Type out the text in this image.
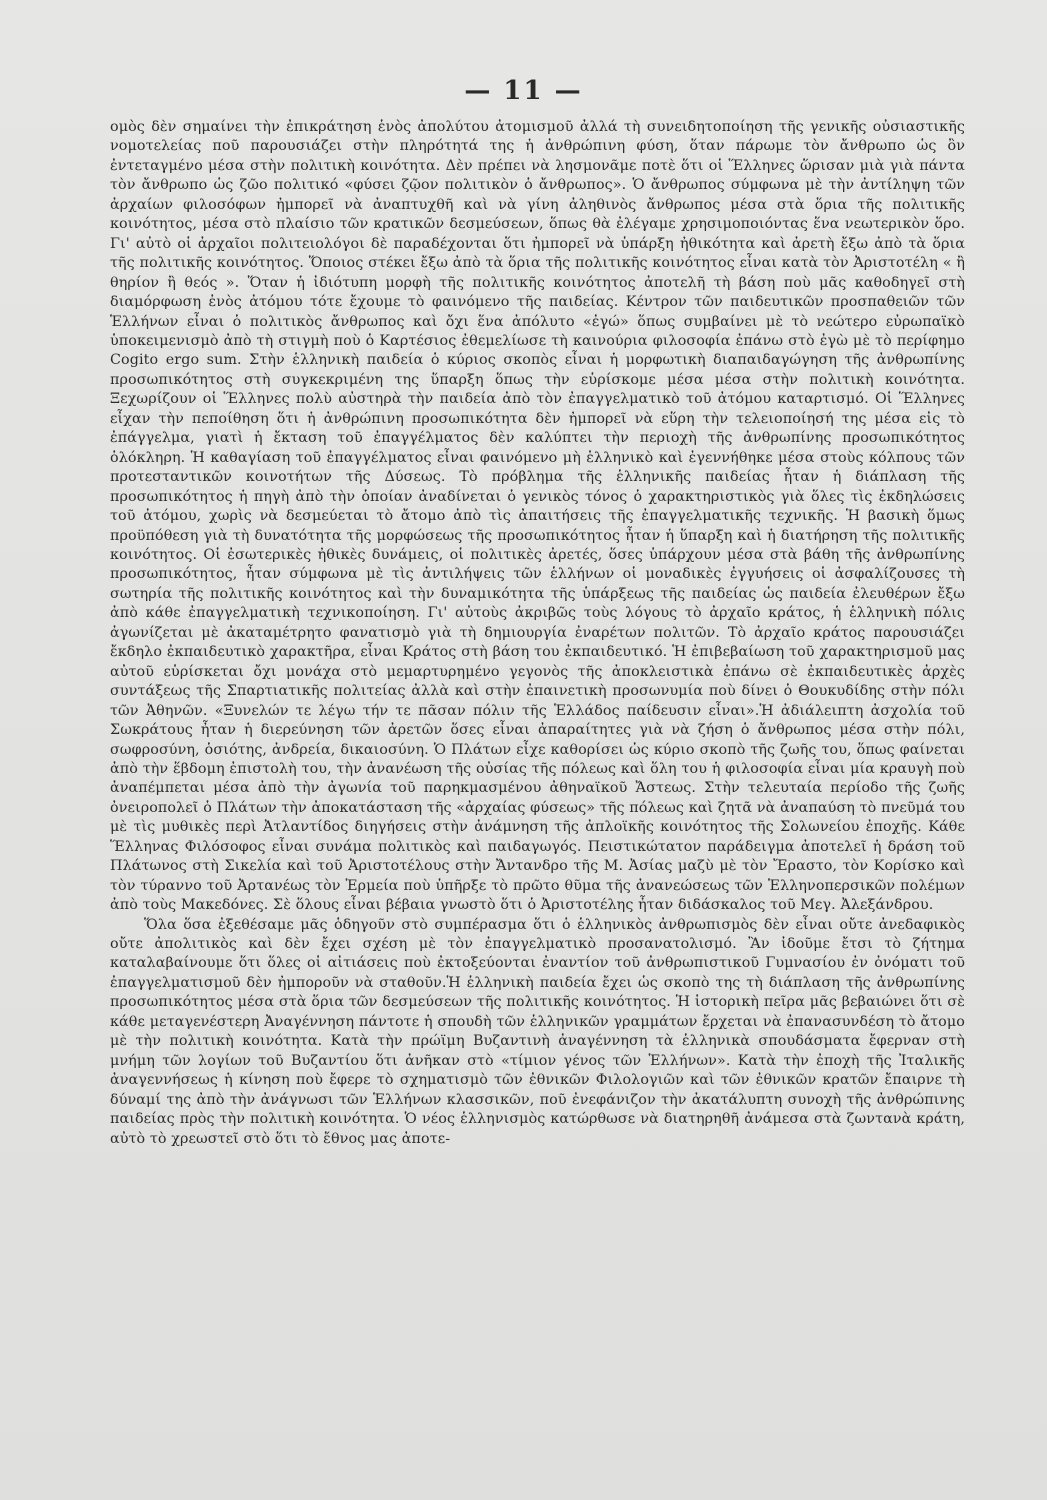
— 11 —

ομὸς δὲν σημαίνει τὴν ἐπικράτηση ἑνὸς ἀπολύτου ἀτομισμοῦ ἀλλά τὴ συνειδητοποίηση τῆς γενικῆς οὐσιαστικῆς νομοτελείας ποῦ παρουσιάζει στὴν πληρότητά της ἡ ἀνθρώπινη φύση, ὅταν πάρωμε τὸν ἄνθρωπο ὡς ὂν ἐντεταγμένο μέσα στὴν πολιτικὴ κοινότητα. Δὲν πρέπει νὰ λησμονᾶμε ποτὲ ὅτι οἱ Ἕλληνες ὥρισαν μιὰ γιὰ πάντα τὸν ἄνθρωπο ὡς ζῶο πολιτικό «φύσει ζῷον πολιτικὸν ὁ ἄνθρωπος». Ὁ ἄνθρωπος σύμφωνα μὲ τὴν ἀντίληψη τῶν ἀρχαίων φιλοσόφων ἠμπορεῖ νὰ ἀναπτυχθῆ καὶ νὰ γίνη ἀληθινὸς ἄνθρωπος μέσα στὰ ὅρια τῆς πολιτικῆς κοινότητος, μέσα στὸ πλαίσιο τῶν κρατικῶν δεσμεύσεων, ὅπως θὰ ἐλέγαμε χρησιμοποιόντας ἕνα νεωτερικὸν ὅρο. Γι' αὐτὸ οἱ ἀρχαῖοι πολιτειολόγοι δὲ παραδέχονται ὅτι ἠμπορεῖ νὰ ὑπάρξη ἠθικότητα καὶ ἀρετὴ ἔξω ἀπὸ τὰ ὅρια τῆς πολιτικῆς κοινότητος. Ὅποιος στέκει ἔξω ἀπὸ τὰ ὅρια τῆς πολιτικῆς κοινότητος εἶναι κατὰ τὸν Ἀριστοτέλη « ἢ θηρίον ἢ θεός ». Ὅταν ἡ ἰδιότυπη μορφὴ τῆς πολιτικῆς κοινότητος ἀποτελῆ τὴ βάση ποὺ μᾶς καθοδηγεῖ στὴ διαμόρφωση ἑνὸς ἀτόμου τότε ἔχουμε τὸ φαινόμενο τῆς παιδείας. Κέντρον τῶν παιδευτικῶν προσπαθειῶν τῶν Ἑλλήνων εἶναι ὁ πολιτικὸς ἄνθρωπος καὶ ὄχι ἕνα ἀπόλυτο «ἐγώ» ὅπως συμβαίνει μὲ τὸ νεώτερο εὐρωπαϊκὸ ὑποκειμενισμὸ ἀπὸ τὴ στιγμὴ ποὺ ὁ Καρτέσιος ἐθεμελίωσε τὴ καινούρια φιλοσοφία ἐπάνω στὸ ἐγὼ μὲ τὸ περίφημο Cogito ergo sum. Στὴν ἑλληνικὴ παιδεία ὁ κύριος σκοπὸς εἶναι ἡ μορφωτικὴ διαπαιδαγώγηση τῆς ἀνθρωπίνης προσωπικότητος στὴ συγκεκριμένη της ὕπαρξη ὅπως τὴν εὑρίσκομε μέσα μέσα στὴν πολιτικὴ κοινότητα. Ξεχωρίζουν οἱ Ἕλληνες πολὺ αὐστηρὰ τὴν παιδεία ἀπὸ τὸν ἐπαγγελματικὸ τοῦ ἀτόμου καταρτισμό. Οἱ Ἕλληνες εἶχαν τὴν πεποίθηση ὅτι ἡ ἀνθρώπινη προσωπικότητα δὲν ἠμπορεῖ νὰ εὕρη τὴν τελειοποίησή της μέσα εἰς τὸ ἐπάγγελμα, γιατὶ ἡ ἔκταση τοῦ ἐπαγγέλματος δὲν καλύπτει τὴν περιοχὴ τῆς ἀνθρωπίνης προσωπικότητος ὁλόκληρη. Ἡ καθαγίαση τοῦ ἐπαγγέλματος εἶναι φαινόμενο μὴ ἑλληνικὸ καὶ ἐγεννήθηκε μέσα στοὺς κόλπους τῶν προτεσταντικῶν κοινοτήτων τῆς Δύσεως. Τὸ πρόβλημα τῆς ἑλληνικῆς παιδείας ἦταν ἡ διάπλαση τῆς προσωπικότητος ἡ πηγὴ ἀπὸ τὴν ὁποίαν ἀναδίνεται ὁ γενικὸς τόνος ὁ χαρακτηριστικὸς γιὰ ὅλες τὶς ἐκδηλώσεις τοῦ ἀτόμου, χωρὶς νὰ δεσμεύεται τὸ ἄτομο ἀπὸ τὶς ἀπαιτήσεις τῆς ἐπαγγελματικῆς τεχνικῆς. Ἡ βασικὴ ὅμως προϋπόθεση γιὰ τὴ δυνατότητα τῆς μορφώσεως τῆς προσωπικότητος ἦταν ἡ ὕπαρξη καὶ ἡ διατήρηση τῆς πολιτικῆς κοινότητος. Οἱ ἐσωτερικὲς ἠθικὲς δυνάμεις, οἱ πολιτικὲς ἀρετές, ὅσες ὑπάρχουν μέσα στὰ βάθη τῆς ἀνθρωπίνης προσωπικότητος, ἦταν σύμφωνα μὲ τὶς ἀντιλήψεις τῶν ἑλλήνων οἱ μοναδικὲς ἐγγυήσεις οἱ ἀσφαλίζουσες τὴ σωτηρία τῆς πολιτικῆς κοινότητος καὶ τὴν δυναμικότητα τῆς ὑπάρξεως τῆς παιδείας ὡς παιδεία ἐλευθέρων ἔξω ἀπὸ κάθε ἐπαγγελματικὴ τεχνικοποίηση. Γι' αὐτοὺς ἀκριβῶς τοὺς λόγους τὸ ἀρχαῖο κράτος, ἡ ἑλληνικὴ πόλις ἀγωνίζεται μὲ ἀκαταμέτρητο φανατισμὸ γιὰ τὴ δημιουργία ἐναρέτων πολιτῶν. Τὸ ἀρχαῖο κράτος παρουσιάζει ἔκδηλο ἐκπαιδευτικὸ χαρακτῆρα, εἶναι Κράτος στὴ βάση του ἐκπαιδευτικό. Ἡ ἐπιβεβαίωση τοῦ χαρακτηρισμοῦ μας αὐτοῦ εὑρίσκεται ὄχι μονάχα στὸ μεμαρτυρημένο γεγονὸς τῆς ἀποκλειστικὰ ἐπάνω σὲ ἐκπαιδευτικὲς ἀρχὲς συντάξεως τῆς Σπαρτιατικῆς πολιτείας ἀλλὰ καὶ στὴν ἐπαινετικὴ προσωνυμία ποὺ δίνει ὁ Θουκυδίδης στὴν πόλι τῶν Ἀθηνῶν. «Ξυνελών τε λέγω τήν τε πᾶσαν πόλιν τῆς Ἑλλάδος παίδευσιν εἶναι».Ἡ ἀδιάλειπτη ἀσχολία τοῦ Σωκράτους ἦταν ἡ διερεύνηση τῶν ἀρετῶν ὅσες εἶναι ἀπαραίτητες γιὰ νὰ ζήση ὁ ἄνθρωπος μέσα στὴν πόλι, σωφροσύνη, ὁσιότης, ἀνδρεία, δικαιοσύνη. Ὁ Πλάτων εἶχε καθορίσει ὡς κύριο σκοπὸ τῆς ζωῆς του, ὅπως φαίνεται ἀπὸ τὴν ἕβδομη ἐπιστολὴ του, τὴν ἀνανέωση τῆς οὐσίας τῆς πόλεως καὶ ὅλη του ἡ φιλοσοφία εἶναι μία κραυγὴ ποὺ ἀναπέμπεται μέσα ἀπὸ τὴν ἀγωνία τοῦ παρηκμασμένου ἀθηναϊκοῦ Ἄστεως. Στὴν τελευταία περίοδο τῆς ζωῆς ὀνειροπολεῖ ὁ Πλάτων τὴν ἀποκατάσταση τῆς «ἀρχαίας φύσεως» τῆς πόλεως καὶ ζητᾶ νὰ ἀναπαύση τὸ πνεῦμά του μὲ τὶς μυθικὲς περὶ Ἀτλαντίδος διηγήσεις στὴν ἀνάμνηση τῆς ἀπλοϊκῆς κοινότητος τῆς Σολωνείου ἐποχῆς. Κάθε Ἕλληνας Φιλόσοφος εἶναι συνάμα πολιτικὸς καὶ παιδαγωγός. Πειστικώτατον παράδειγμα ἀποτελεῖ ἡ δράση τοῦ Πλάτωνος στὴ Σικελία καὶ τοῦ Ἀριστοτέλους στὴν Ἄντανδρο τῆς Μ. Ἀσίας μαζὺ μὲ τὸν Ἔραστο, τὸν Κορίσκο καὶ τὸν τύραννο τοῦ Ἀρτανέως τὸν Ἑρμεία ποὺ ὑπῆρξε τὸ πρῶτο θῦμα τῆς ἀνανεώσεως τῶν Ἑλληνοπερσικῶν πολέμων ἀπὸ τοὺς Μακεδόνες. Σὲ ὅλους εἶναι βέβαια γνωστὸ ὅτι ὁ Ἀριστοτέλης ἦταν διδάσκαλος τοῦ Μεγ. Ἀλεξάνδρου.

Ὅλα ὅσα ἐξεθέσαμε μᾶς ὁδηγοῦν στὸ συμπέρασμα ὅτι ὁ ἑλληνικὸς ἀνθρωπισμὸς δὲν εἶναι οὔτε ἀνεδαφικὸς οὔτε ἀπολιτικὸς καὶ δὲν ἔχει σχέση μὲ τὸν ἐπαγγελματικὸ προσανατολισμό. Ἂν ἰδοῦμε ἔτσι τὸ ζήτημα καταλαβαίνουμε ὅτι ὅλες οἱ αἰτιάσεις ποὺ ἐκτοξεύονται ἐναντίον τοῦ ἀνθρωπιστικοῦ Γυμνασίου ἐν ὀνόματι τοῦ ἐπαγγελματισμοῦ δὲν ἠμποροῦν νὰ σταθοῦν.Ἡ ἑλληνικὴ παιδεία ἔχει ὡς σκοπὸ της τὴ διάπλαση τῆς ἀνθρωπίνης προσωπικότητος μέσα στὰ ὅρια τῶν δεσμεύσεων τῆς πολιτικῆς κοινότητος. Ἡ ἱστορικὴ πεῖρα μᾶς βεβαιώνει ὅτι σὲ κάθε μεταγενέστερη Ἀναγέννηση πάντοτε ἡ σπουδὴ τῶν ἑλληνικῶν γραμμάτων ἔρχεται νὰ ἐπανασυνδέση τὸ ἄτομο μὲ τὴν πολιτικὴ κοινότητα. Κατὰ τὴν πρώϊμη Βυζαντινὴ ἀναγέννηση τὰ ἑλληνικὰ σπουδάσματα ἔφερναν στὴ μνήμη τῶν λογίων τοῦ Βυζαντίου ὅτι ἀνῆκαν στὸ «τίμιον γένος τῶν Ἑλλήνων». Κατὰ τὴν ἐποχὴ τῆς Ἰταλικῆς ἀναγεννήσεως ἡ κίνηση ποὺ ἔφερε τὸ σχηματισμὸ τῶν ἐθνικῶν Φιλολογιῶν καὶ τῶν ἐθνικῶν κρατῶν ἔπαιρνε τὴ δύναμί της ἀπὸ τὴν ἀνάγνωσι τῶν Ἑλλήνων κλασσικῶν, ποῦ ἐνεφάνιζον τὴν ἀκατάλυπτη συνοχὴ τῆς ἀνθρώπινης παιδείας πρὸς τὴν πολιτικὴ κοινότητα. Ὁ νέος ἑλληνισμὸς κατώρθωσε νὰ διατηρηθῆ ἀνάμεσα στὰ ζωντανὰ κράτη, αὐτὸ τὸ χρεωστεῖ στὸ ὅτι τὸ ἔθνος μας ἀποτε-
